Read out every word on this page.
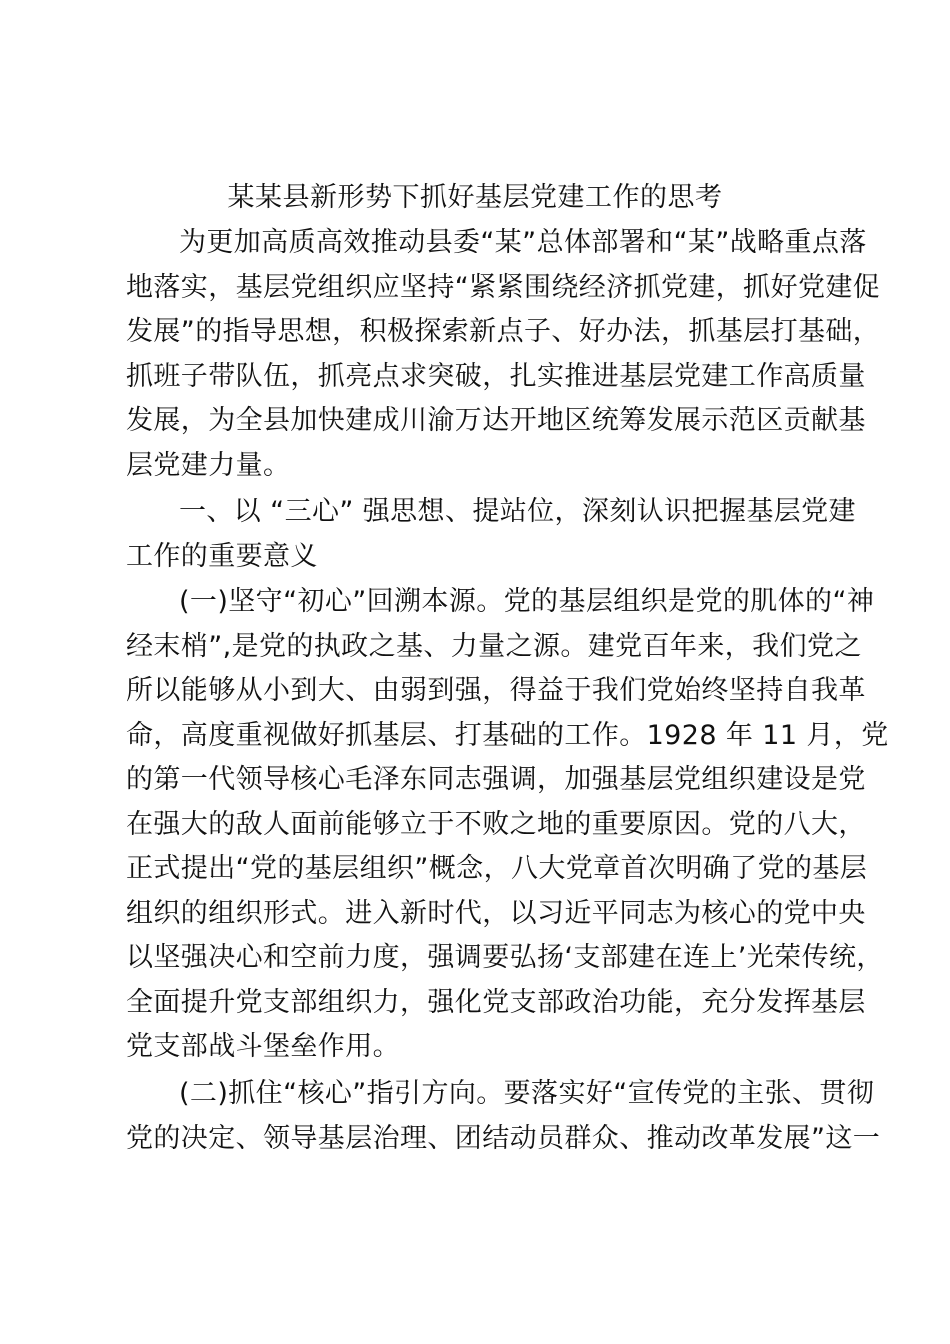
某某县新形势下抓好基层党建工作的思考
为更加高质高效推动县委“某”总体部署和“某”战略重点落
地落实，基层党组织应坚持“紧紧围绕经济抓党建，抓好党建促
发展”的指导思想，积极探索新点子、好办法，抓基层打基础，
抓班子带队伍，抓亮点求突破，扎实推进基层党建工作高质量
发展，为全县加快建成川渝万达开地区统筹发展示范区贡献基
层党建力量。
一、以 “三心” 强思想、提站位，深刻认识把握基层党建
工作的重要意义
(一)坚守“初心”回溯本源。党的基层组织是党的肌体的“神
经末梢”,是党的执政之基、力量之源。建党百年来，我们党之
所以能够从小到大、由弱到强，得益于我们党始终坚持自我革
命，高度重视做好抓基层、打基础的工作。1928 年 11 月，党
的第一代领导核心毛泽东同志强调，加强基层党组织建设是党
在强大的敌人面前能够立于不败之地的重要原因。党的八大，
正式提出“党的基层组织”概念，八大党章首次明确了党的基层
组织的组织形式。进入新时代，以习近平同志为核心的党中央
以坚强决心和空前力度，强调要弘扬‘支部建在连上’光荣传统，
全面提升党支部组织力，强化党支部政治功能，充分发挥基层
党支部战斗堡垒作用。
(二)抓住“核心”指引方向。要落实好“宣传党的主张、贯彻
党的决定、领导基层治理、团结动员群众、推动改革发展”这一
